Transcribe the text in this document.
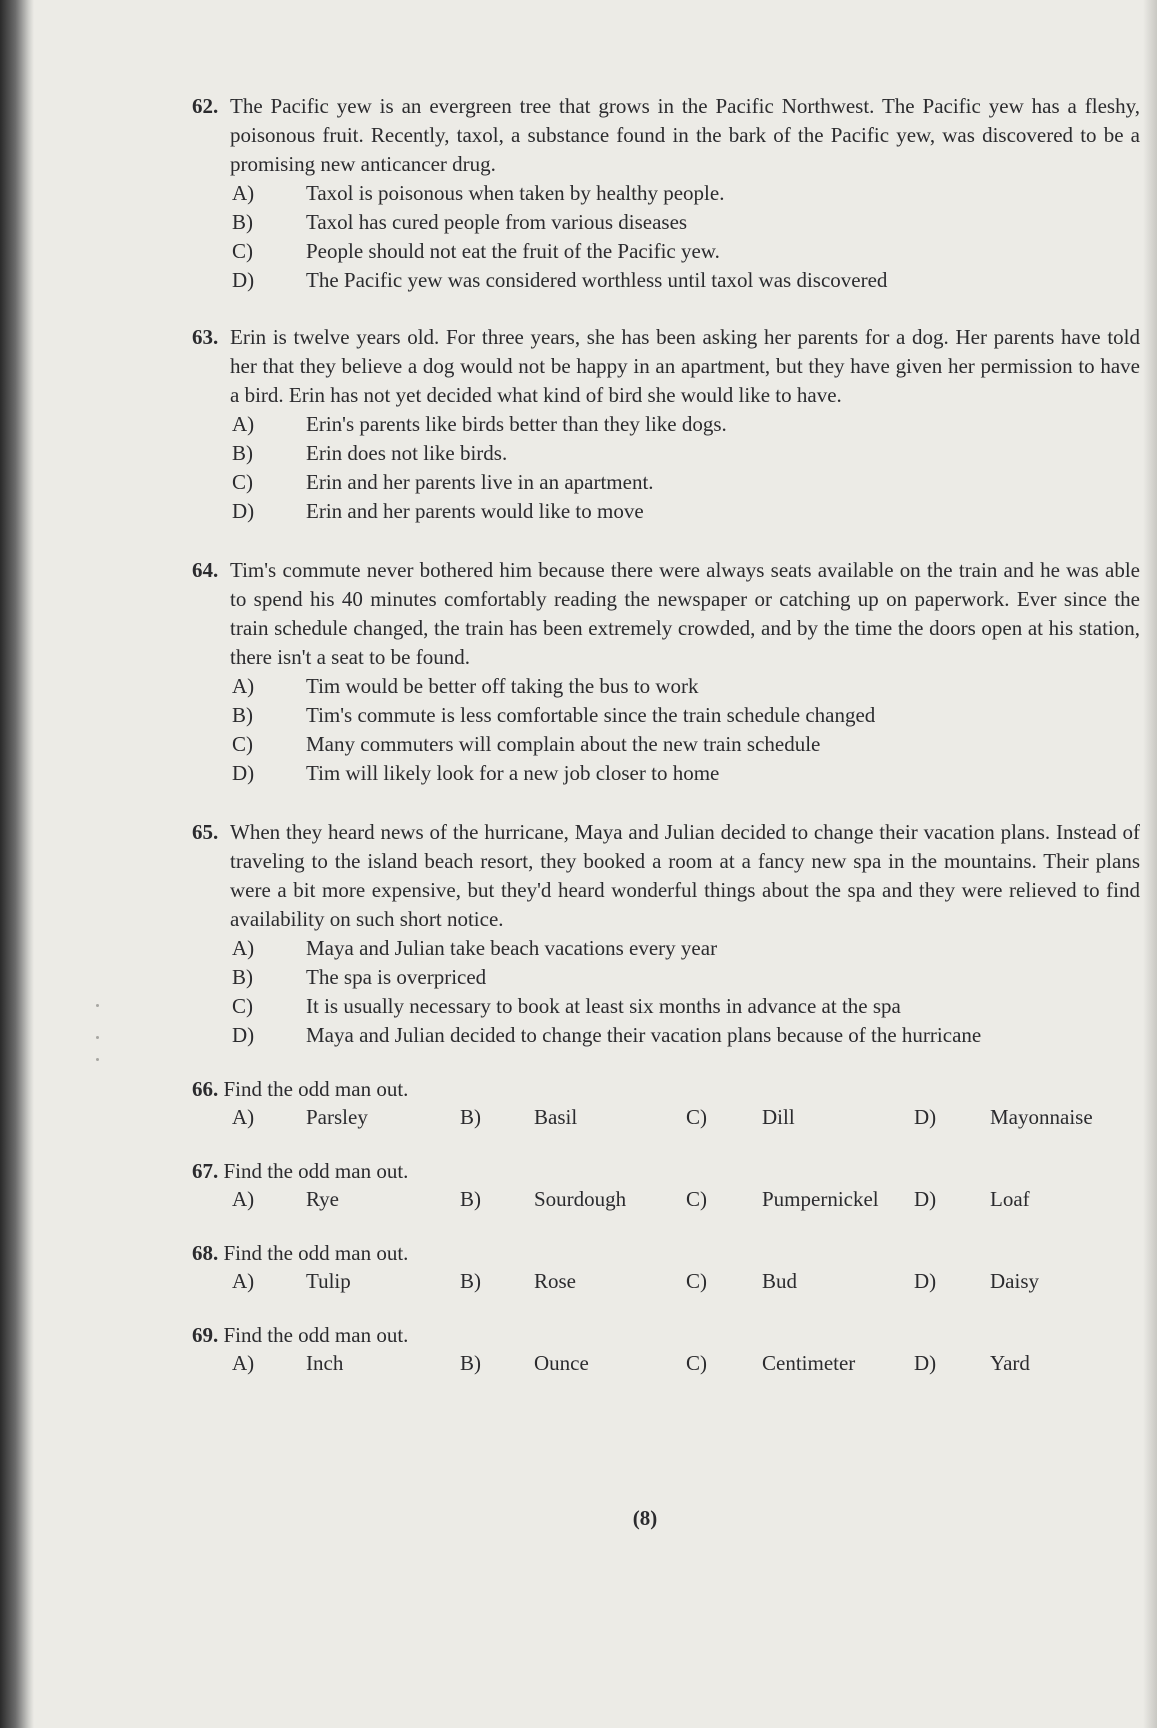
62. The Pacific yew is an evergreen tree that grows in the Pacific Northwest. The Pacific yew has a fleshy, poisonous fruit. Recently, taxol, a substance found in the bark of the Pacific yew, was discovered to be a promising new anticancer drug.
A)	Taxol is poisonous when taken by healthy people.
B)	Taxol has cured people from various diseases
C)	People should not eat the fruit of the Pacific yew.
D)	The Pacific yew was considered worthless until taxol was discovered
63. Erin is twelve years old. For three years, she has been asking her parents for a dog. Her parents have told her that they believe a dog would not be happy in an apartment, but they have given her permission to have a bird. Erin has not yet decided what kind of bird she would like to have.
A)	Erin's parents like birds better than they like dogs.
B)	Erin does not like birds.
C)	Erin and her parents live in an apartment.
D)	Erin and her parents would like to move
64. Tim's commute never bothered him because there were always seats available on the train and he was able to spend his 40 minutes comfortably reading the newspaper or catching up on paperwork. Ever since the train schedule changed, the train has been extremely crowded, and by the time the doors open at his station, there isn't a seat to be found.
A)	Tim would be better off taking the bus to work
B)	Tim's commute is less comfortable since the train schedule changed
C)	Many commuters will complain about the new train schedule
D)	Tim will likely look for a new job closer to home
65. When they heard news of the hurricane, Maya and Julian decided to change their vacation plans. Instead of traveling to the island beach resort, they booked a room at a fancy new spa in the mountains. Their plans were a bit more expensive, but they'd heard wonderful things about the spa and they were relieved to find availability on such short notice.
A)	Maya and Julian take beach vacations every year
B)	The spa is overpriced
C)	It is usually necessary to book at least six months in advance at the spa
D)	Maya and Julian decided to change their vacation plans because of the hurricane
66. Find the odd man out.
A)	Parsley	B)	Basil	C)	Dill	D)	Mayonnaise
67. Find the odd man out.
A)	Rye	B)	Sourdough	C)	Pumpernickel	D)	Loaf
68. Find the odd man out.
A)	Tulip	B)	Rose	C)	Bud	D)	Daisy
69. Find the odd man out.
A)	Inch	B)	Ounce	C)	Centimeter	D)	Yard
(8)
